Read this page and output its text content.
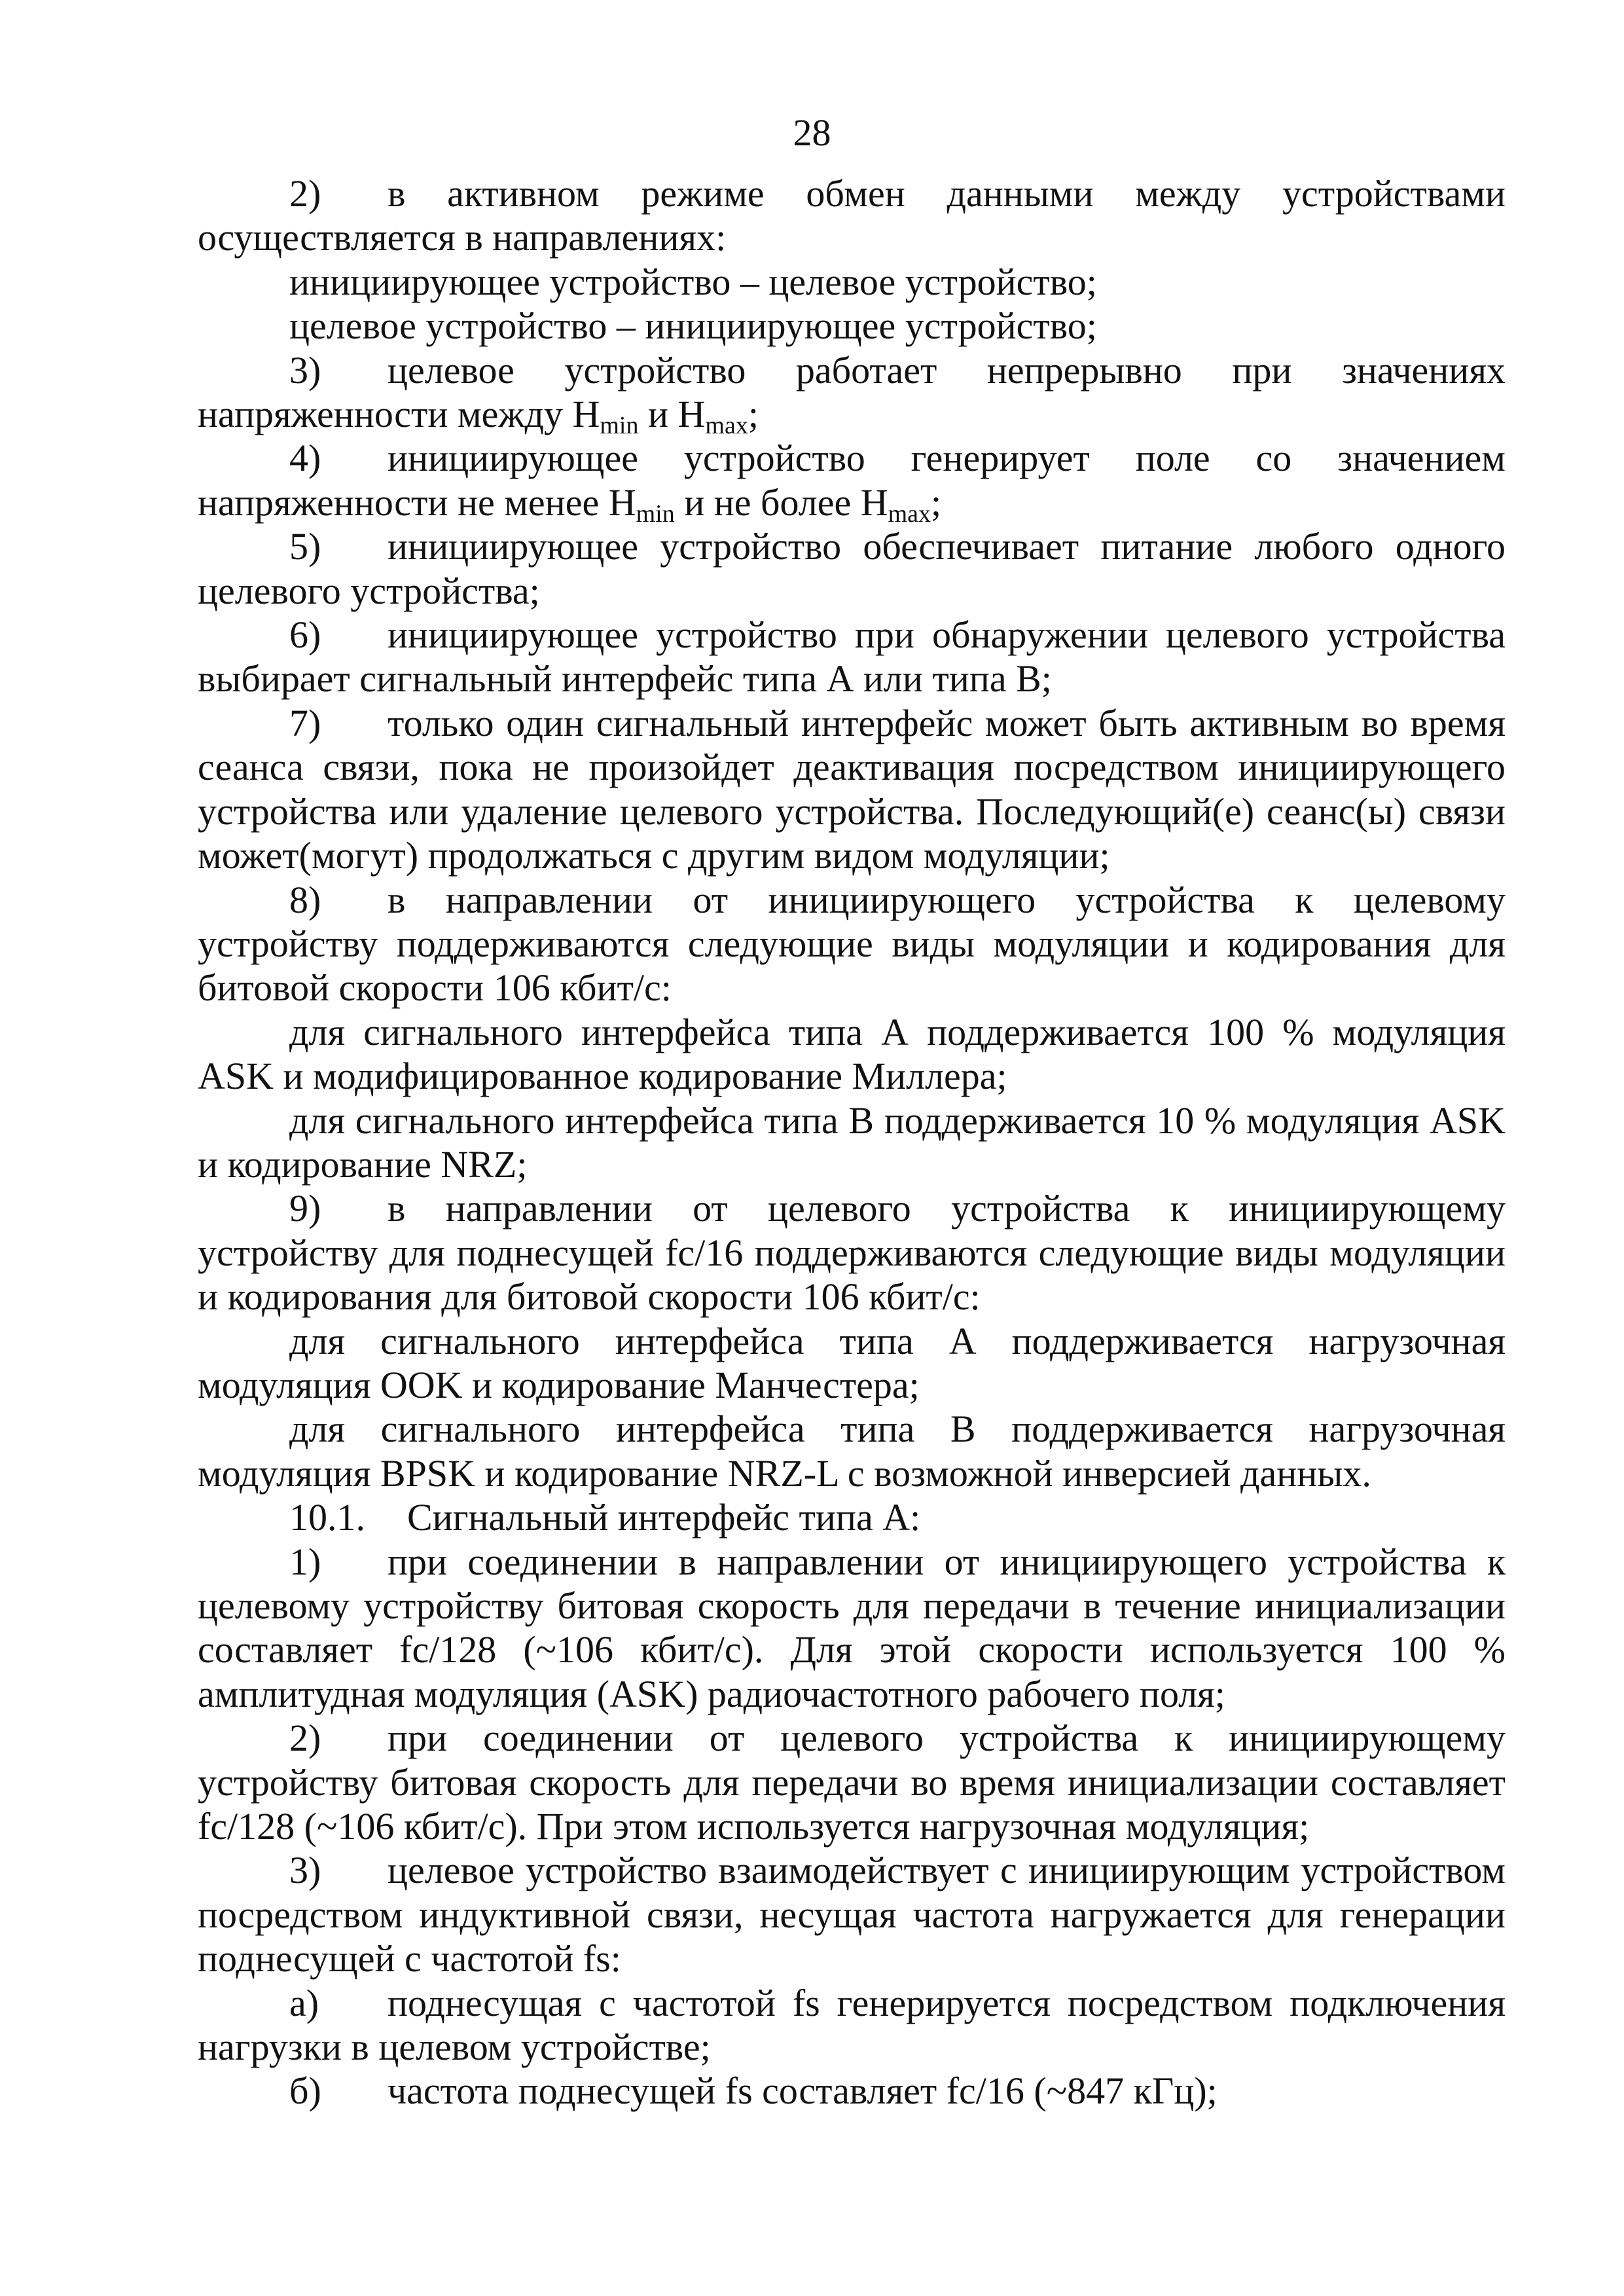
28

2) в активном режиме обмен данными между устройствами осуществляется в направлениях:

инициирующее устройство – целевое устройство;

целевое устройство – инициирующее устройство;

3) целевое устройство работает непрерывно при значениях напряженности между $H_{min}$ и $H_{max}$;

4) инициирующее устройство генерирует поле со значением напряженности не менее $H_{min}$ и не более $H_{max}$;

5) инициирующее устройство обеспечивает питание любого одного целевого устройства;

6) инициирующее устройство при обнаружении целевого устройства выбирает сигнальный интерфейс типа А или типа В;

7) только один сигнальный интерфейс может быть активным во время сеанса связи, пока не произойдет деактивация посредством инициирующего устройства или удаление целевого устройства. Последующий(е) сеанс(ы) связи может(могут) продолжаться с другим видом модуляции;

8) в направлении от инициирующего устройства к целевому устройству поддерживаются следующие виды модуляции и кодирования для битовой скорости 106 кбит/с:

для сигнального интерфейса типа А поддерживается 100 % модуляция ASK и модифицированное кодирование Миллера;

для сигнального интерфейса типа В поддерживается 10 % модуляция ASK и кодирование NRZ;

9) в направлении от целевого устройства к инициирующему устройству для поднесущей fc/16 поддерживаются следующие виды модуляции и кодирования для битовой скорости 106 кбит/с:

для сигнального интерфейса типа А поддерживается нагрузочная модуляция OOK и кодирование Манчестера;

для сигнального интерфейса типа В поддерживается нагрузочная модуляция BPSK и кодирование NRZ-L с возможной инверсией данных.

10.1. Сигнальный интерфейс типа А:

1) при соединении в направлении от инициирующего устройства к целевому устройству битовая скорость для передачи в течение инициализации составляет fc/128 (~106 кбит/с). Для этой скорости используется 100 % амплитудная модуляция (ASK) радиочастотного рабочего поля;

2) при соединении от целевого устройства к инициирующему устройству битовая скорость для передачи во время инициализации составляет fc/128 (~106 кбит/с). При этом используется нагрузочная модуляция;

3) целевое устройство взаимодействует с инициирующим устройством посредством индуктивной связи, несущая частота нагружается для генерации поднесущей с частотой fs:

а) поднесущая с частотой fs генерируется посредством подключения нагрузки в целевом устройстве;

б) частота поднесущей fs составляет fc/16 (~847 кГц);
